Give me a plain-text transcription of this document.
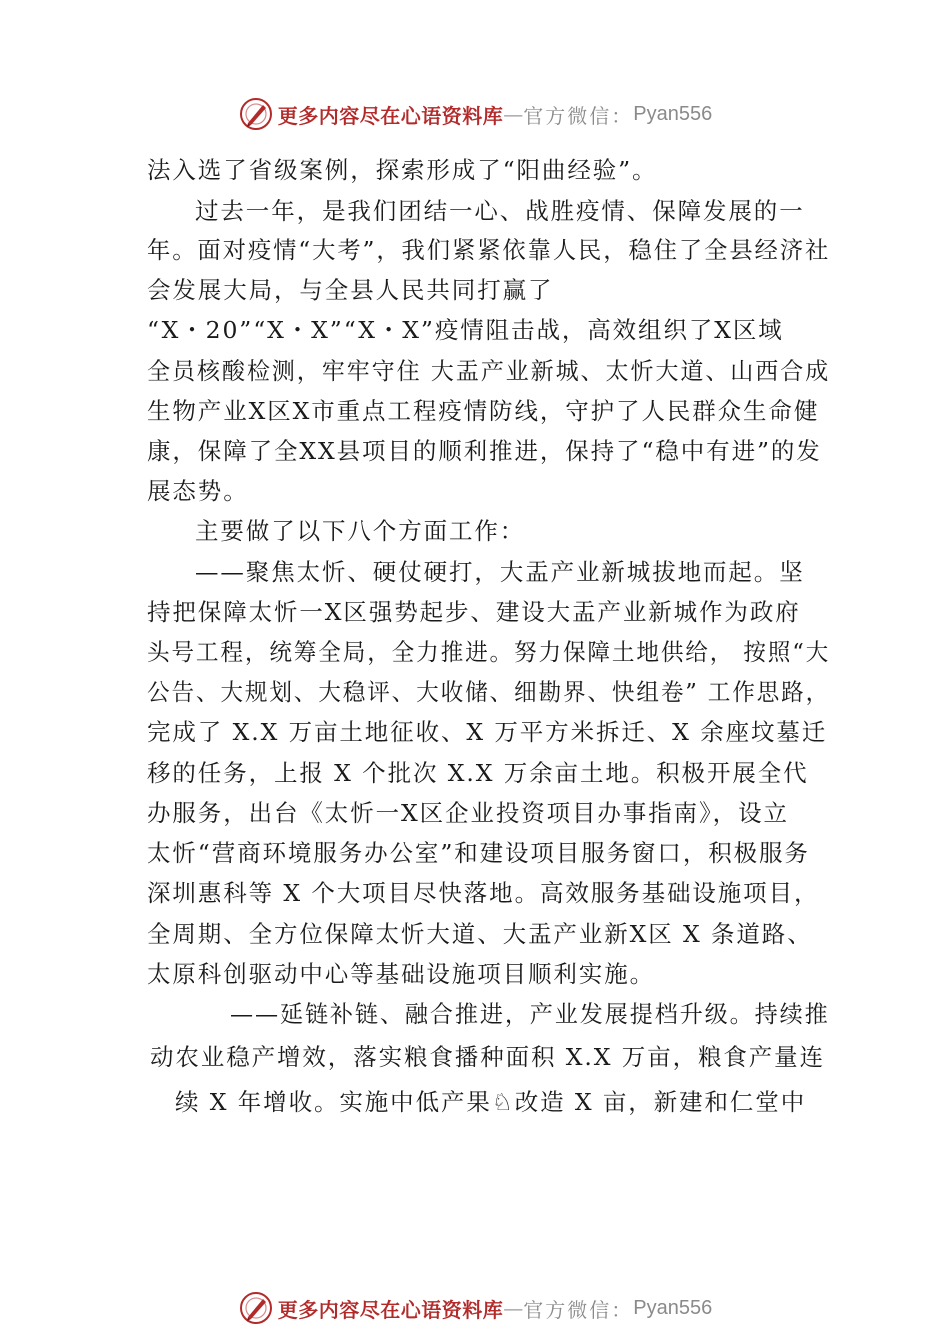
更多内容尽在心语资料库 — 官方微信： Pyan556
法入选了省级案例，探索形成了“阳曲经验”。
过去一年，是我们团结一心、战胜疫情、保障发展的一
年。面对疫情“大考”，我们紧紧依靠人民，稳住了全县经济社
会发展大局，与全县人民共同打赢了
“X・20”“X・X”“X・X”疫情阻击战，高效组织了X区域
全员核酸检测，牢牢守住 大盂产业新城、太忻大道、山西合成
生物产业X区X市重点工程疫情防线，守护了人民群众生命健
康，保障了全XX县项目的顺利推进，保持了“稳中有进”的发
展态势。
主要做了以下八个方面工作：
——聚焦太忻、硬仗硬打，大盂产业新城拔地而起。坚
持把保障太忻一X区强势起步、建设大盂产业新城作为政府
头号工程，统筹全局，全力推进。努力保障土地供给， 按照“大
公告、大规划、大稳评、大收储、细勘界、快组卷” 工作思路，
完成了 X.X 万亩土地征收、X 万平方米拆迁、X 余座坟墓迁
移的任务，上报 X 个批次 X.X 万余亩土地。积极开展全代
办服务，出台《太忻一X区企业投资项目办事指南》，设立
太忻“营商环境服务办公室”和建设项目服务窗口，积极服务
深圳惠科等 X 个大项目尽快落地。高效服务基础设施项目，
全周期、全方位保障太忻大道、大盂产业新X区 X 条道路、
太原科创驱动中心等基础设施项目顺利实施。
——延链补链、融合推进，产业发展提档升级。持续推
动农业稳产增效，落实粮食播种面积 X.X 万亩，粮食产量连
续 X 年增收。实施中低产果♘改造 X 亩，新建和仁堂中
更多内容尽在心语资料库 — 官方微信： Pyan556
